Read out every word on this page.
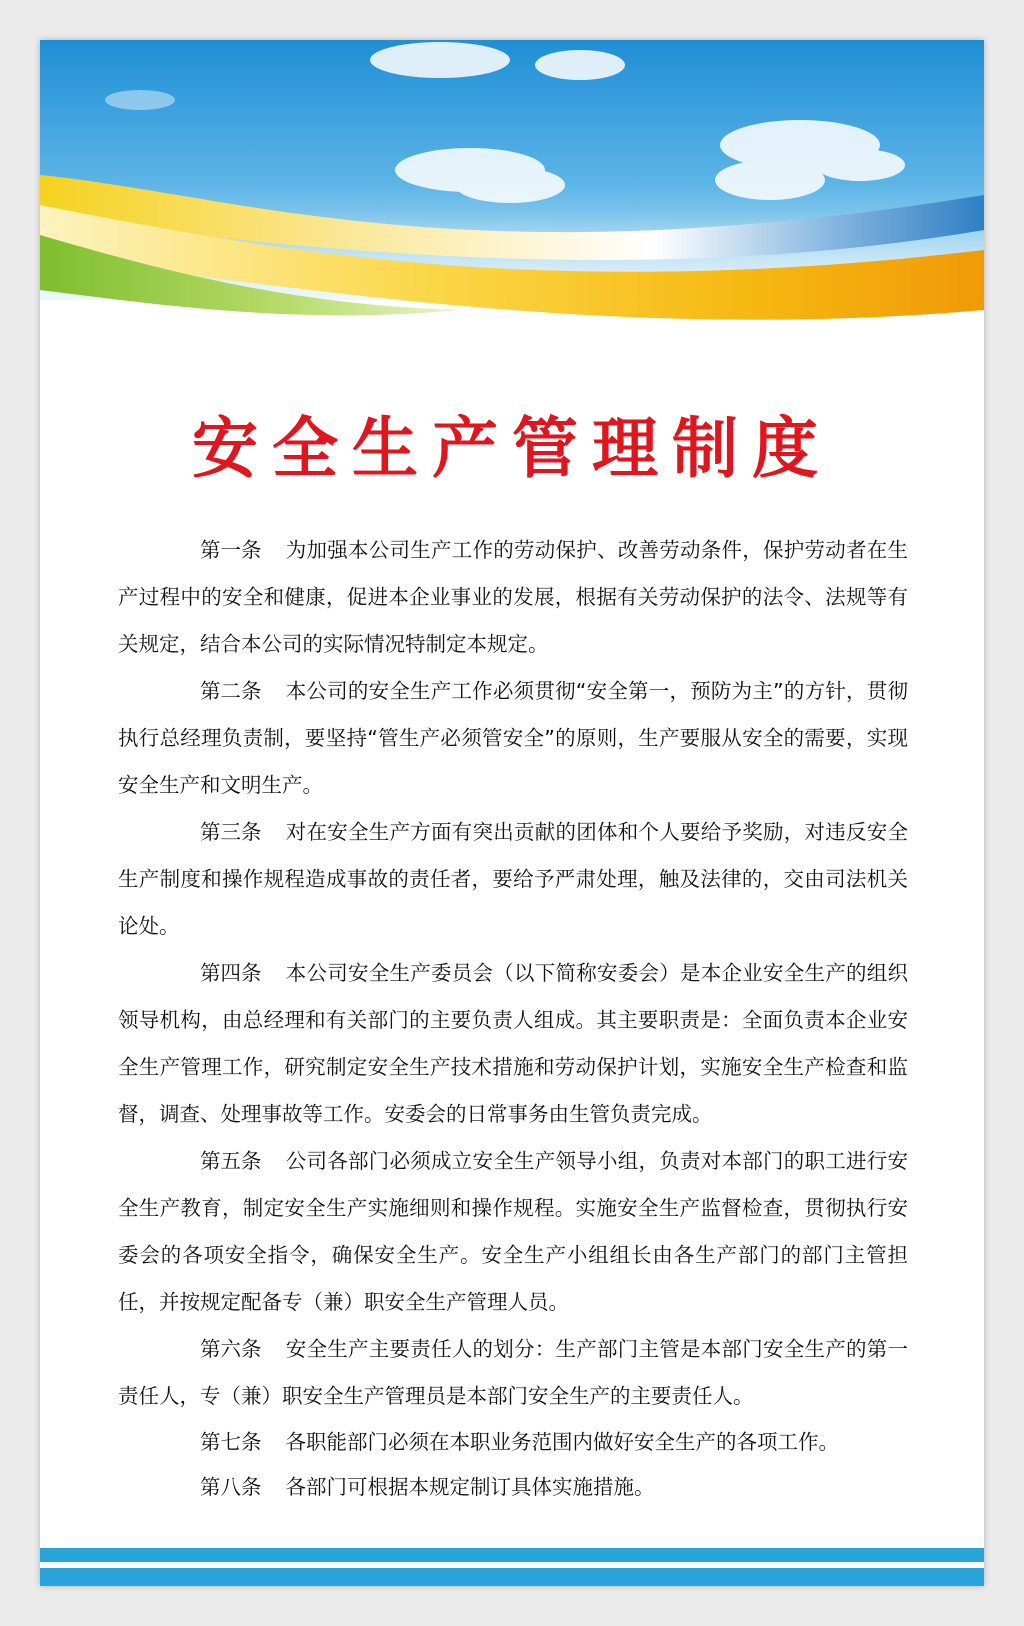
安全生产管理制度

第一条 为加强本公司生产工作的劳动保护、改善劳动条件，保护劳动者在生产过程中的安全和健康，促进本企业事业的发展，根据有关劳动保护的法令、法规等有关规定，结合本公司的实际情况特制定本规定。

第二条 本公司的安全生产工作必须贯彻“安全第一，预防为主”的方针，贯彻执行总经理负责制，要坚持“管生产必须管安全”的原则，生产要服从安全的需要，实现安全生产和文明生产。

第三条 对在安全生产方面有突出贡献的团体和个人要给予奖励，对违反安全生产制度和操作规程造成事故的责任者，要给予严肃处理，触及法律的，交由司法机关论处。

第四条 本公司安全生产委员会（以下简称安委会）是本企业安全生产的组织领导机构，由总经理和有关部门的主要负责人组成。其主要职责是：全面负责本企业安全生产管理工作，研究制定安全生产技术措施和劳动保护计划，实施安全生产检查和监督，调查、处理事故等工作。安委会的日常事务由生管负责完成。

第五条 公司各部门必须成立安全生产领导小组，负责对本部门的职工进行安全生产教育，制定安全生产实施细则和操作规程。实施安全生产监督检查，贯彻执行安委会的各项安全指令，确保安全生产。安全生产小组组长由各生产部门的部门主管担任，并按规定配备专（兼）职安全生产管理人员。

第六条 安全生产主要责任人的划分：生产部门主管是本部门安全生产的第一责任人，专（兼）职安全生产管理员是本部门安全生产的主要责任人。

第七条 各职能部门必须在本职业务范围内做好安全生产的各项工作。

第八条 各部门可根据本规定制订具体实施措施。
